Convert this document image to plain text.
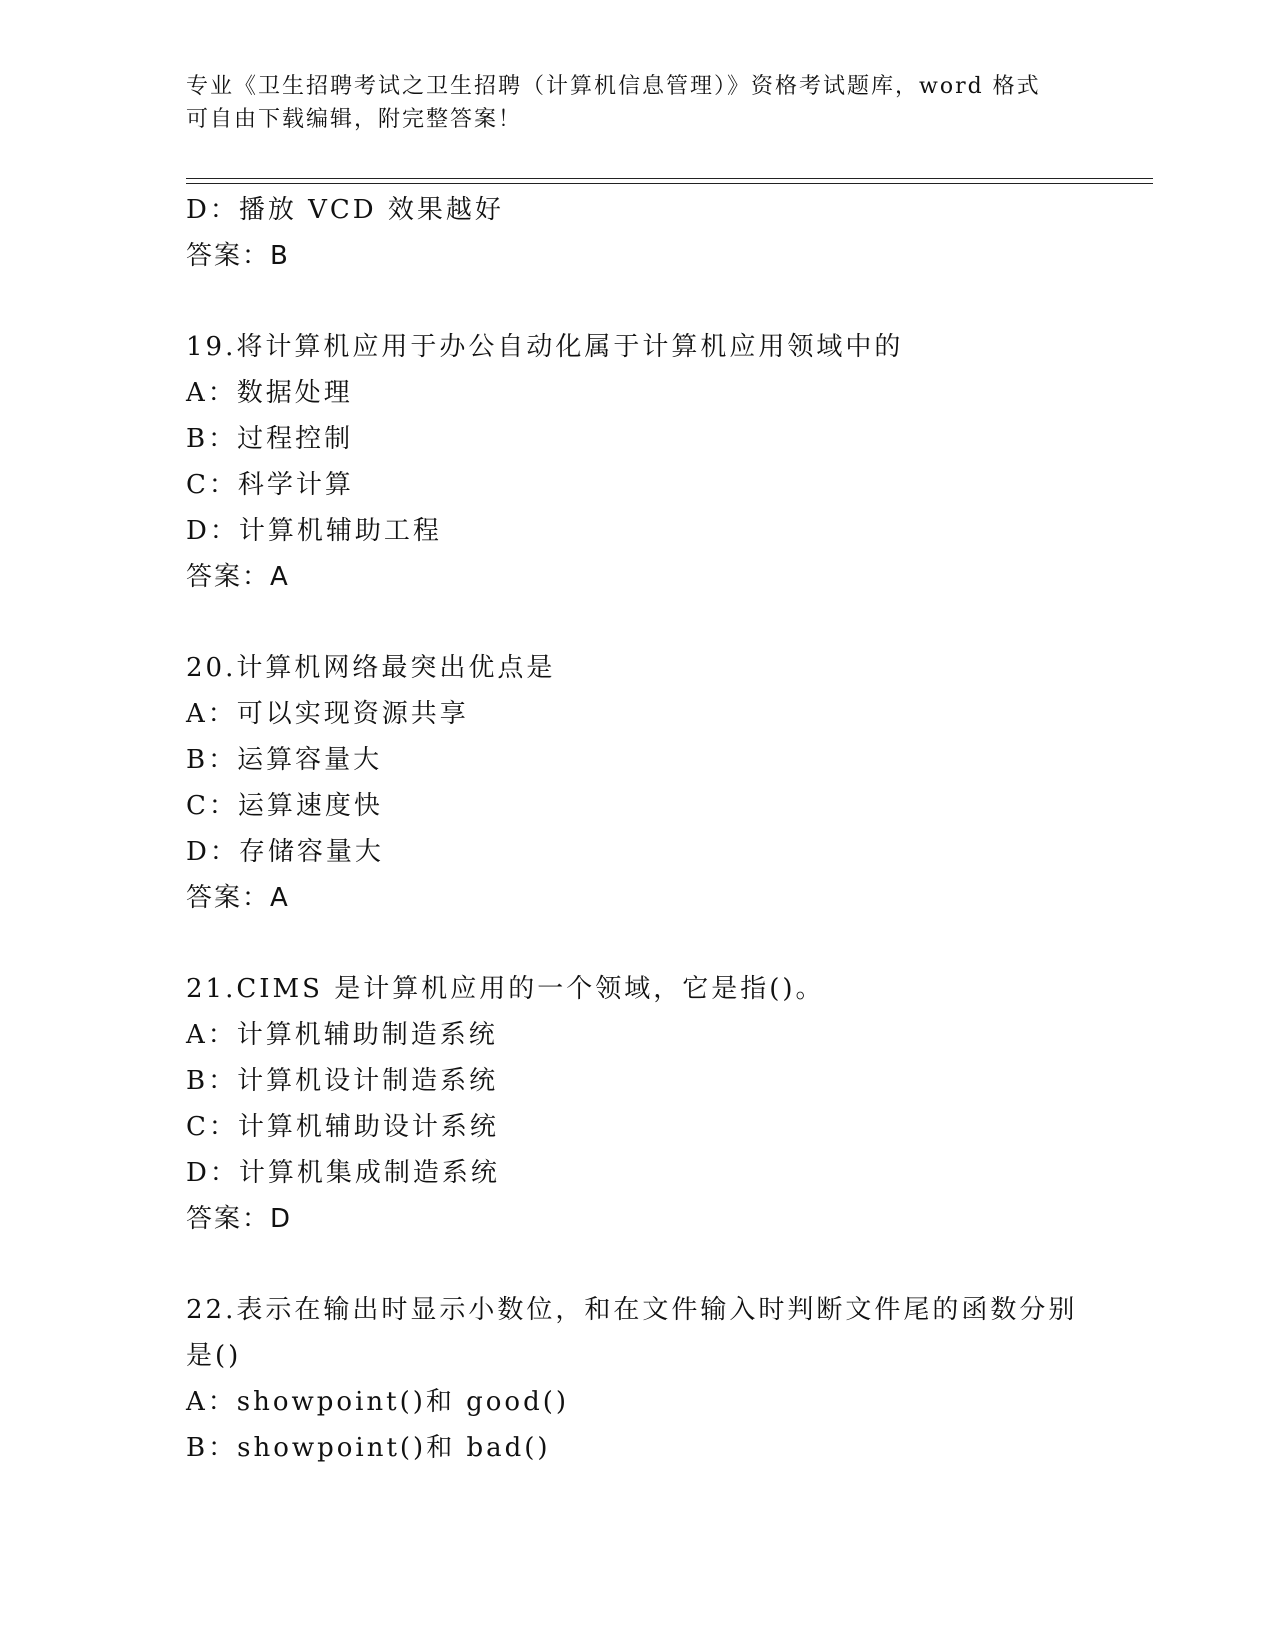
专业《卫生招聘考试之卫生招聘（计算机信息管理）》资格考试题库，word 格式
可自由下载编辑，附完整答案！
D：播放 VCD 效果越好
答案：B
19.将计算机应用于办公自动化属于计算机应用领域中的
A：数据处理
B：过程控制
C：科学计算
D：计算机辅助工程
答案：A
20.计算机网络最突出优点是
A：可以实现资源共享
B：运算容量大
C：运算速度快
D：存储容量大
答案：A
21.CIMS 是计算机应用的一个领域，它是指()。
A：计算机辅助制造系统
B：计算机设计制造系统
C：计算机辅助设计系统
D：计算机集成制造系统
答案：D
22.表示在输出时显示小数位，和在文件输入时判断文件尾的函数分别是()
A：showpoint()和 good()
B：showpoint()和 bad()
